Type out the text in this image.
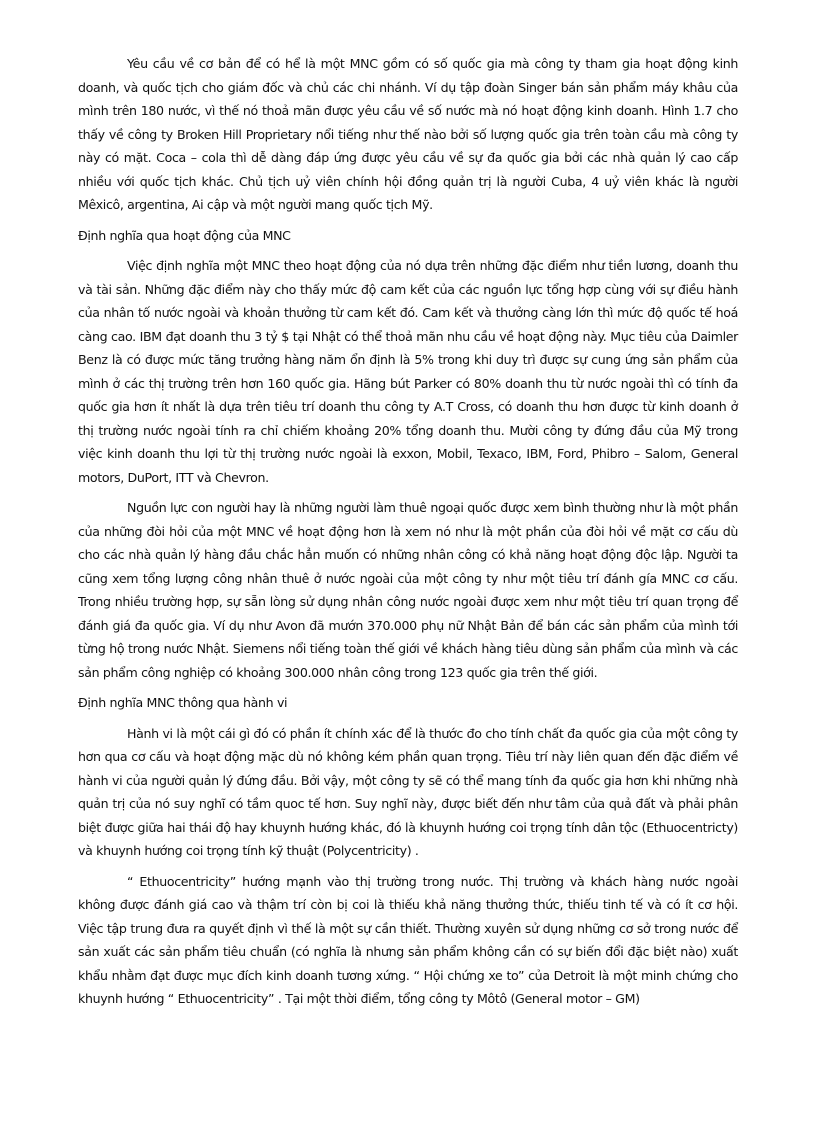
Yêu cầu về cơ bản để có hể là một MNC gồm có số quốc gia mà công ty tham gia hoạt động kinh doanh, và quốc tịch cho giám đốc và chủ các chi nhánh. Ví dụ tập đoàn Singer bán sản phẩm máy khâu của mình trên 180 nước, vì thế nó thoả mãn được yêu cầu về số nước mà nó hoạt động kinh doanh. Hình 1.7 cho thấy về công ty Broken Hill Proprietary nổi tiếng như thế nào bởi số lượng quốc gia trên toàn cầu mà công ty này có mặt. Coca – cola thì dễ dàng đáp ứng được yêu cầu về sự đa quốc gia bởi các nhà quản lý cao cấp nhiều với quốc tịch khác. Chủ tịch uỷ viên chính hội đồng quản trị là người Cuba, 4 uỷ viên khác là người Mêxicô, argentina, Ai cập và một người mang quốc tịch Mỹ.

Định nghĩa qua hoạt động của MNC

Việc định nghĩa một MNC theo hoạt động của nó dựa trên những đặc điểm như tiền lương, doanh thu và tài sản. Những đặc điểm này cho thấy mức độ cam kết của các nguồn lực tổng hợp cùng với sự điều hành của nhân tố nước ngoài và khoản thưởng từ cam kết đó. Cam kết và thưởng càng lớn thì mức độ quốc tế hoá càng cao. IBM đạt doanh thu 3 tỷ $ tại Nhật có thể thoả mãn nhu cầu về hoạt động này. Mục tiêu của Daimler Benz là có được mức tăng trưởng hàng năm ổn định là 5% trong khi duy trì được sự cung ứng sản phẩm của mình ở các thị trường trên hơn 160 quốc gia. Hãng bút Parker có 80% doanh thu từ nước ngoài thì có tính đa quốc gia hơn ít nhất là dựa trên tiêu trí doanh thu công ty A.T Cross, có doanh thu hơn được từ kinh doanh ở thị trường nước ngoài tính ra chỉ chiếm khoảng 20% tổng doanh thu. Mười công ty đứng đầu của Mỹ trong việc kinh doanh thu lợi từ thị trường nước ngoài là exxon, Mobil, Texaco, IBM, Ford, Phibro – Salom, General motors, DuPort, ITT và Chevron.

Nguồn lực con người hay là những người làm thuê ngoại quốc được xem bình thường như là một phần của những đòi hỏi của một MNC về hoạt động hơn là xem nó như là một phần của đòi hỏi về mặt cơ cấu dù cho các nhà quản lý hàng đầu chắc hẳn muốn có những nhân công có khả năng hoạt động độc lập. Người ta cũng xem tổng lượng công nhân thuê ở nước ngoài của một công ty như một tiêu trí đánh gía MNC cơ cấu. Trong nhiều trường hợp, sự sẵn lòng sử dụng nhân công nước ngoài được xem như một tiêu trí quan trọng để đánh giá đa quốc gia. Ví dụ như Avon đã mướn 370.000 phụ nữ Nhật Bản để bán các sản phẩm của mình tới từng hộ trong nước Nhật. Siemens nổi tiếng toàn thế giới về khách hàng tiêu dùng sản phẩm của mình và các sản phẩm công nghiệp có khoảng 300.000 nhân công trong 123 quốc gia trên thế giới.

Định nghĩa MNC thông qua hành vi

Hành vi là một cái gì đó có phần ít chính xác để là thước đo cho tính chất đa quốc gia của một công ty hơn qua cơ cấu và hoạt động mặc dù nó không kém phần quan trọng. Tiêu trí này liên quan đến đặc điểm về hành vi của người quản lý đứng đầu. Bởi vậy, một công ty sẽ có thể mang tính đa quốc gia hơn khi những nhà quản trị của nó suy nghĩ có tầm quoc tế hơn. Suy nghĩ này, được biết đến như tâm của quả đất và phải phân biệt được giữa hai thái độ hay khuynh hướng khác, đó là khuynh hướng coi trọng tính dân tộc (Ethuocentricty) và khuynh hướng coi trọng tính kỹ thuật (Polycentricity) .

“ Ethuocentricity” hướng mạnh vào thị trường trong nước. Thị trường và khách hàng nước ngoài không được đánh giá cao và thậm trí còn bị coi là thiếu khả năng thưởng thức, thiếu tinh tế và có ít cơ hội. Việc tập trung đưa ra quyết định vì thế là một sự cần thiết. Thường xuyên sử dụng những cơ sở trong nước để sản xuất các sản phẩm tiêu chuẩn (có nghĩa là nhưng sản phẩm không cần có sự biến đổi đặc biệt nào) xuất khẩu nhằm đạt được mục đích kinh doanh tương xứng. “ Hội chứng xe to” của Detroit là một minh chứng cho khuynh hướng “ Ethuocentricity” . Tại một thời điểm, tổng công ty Môtô (General motor – GM)
